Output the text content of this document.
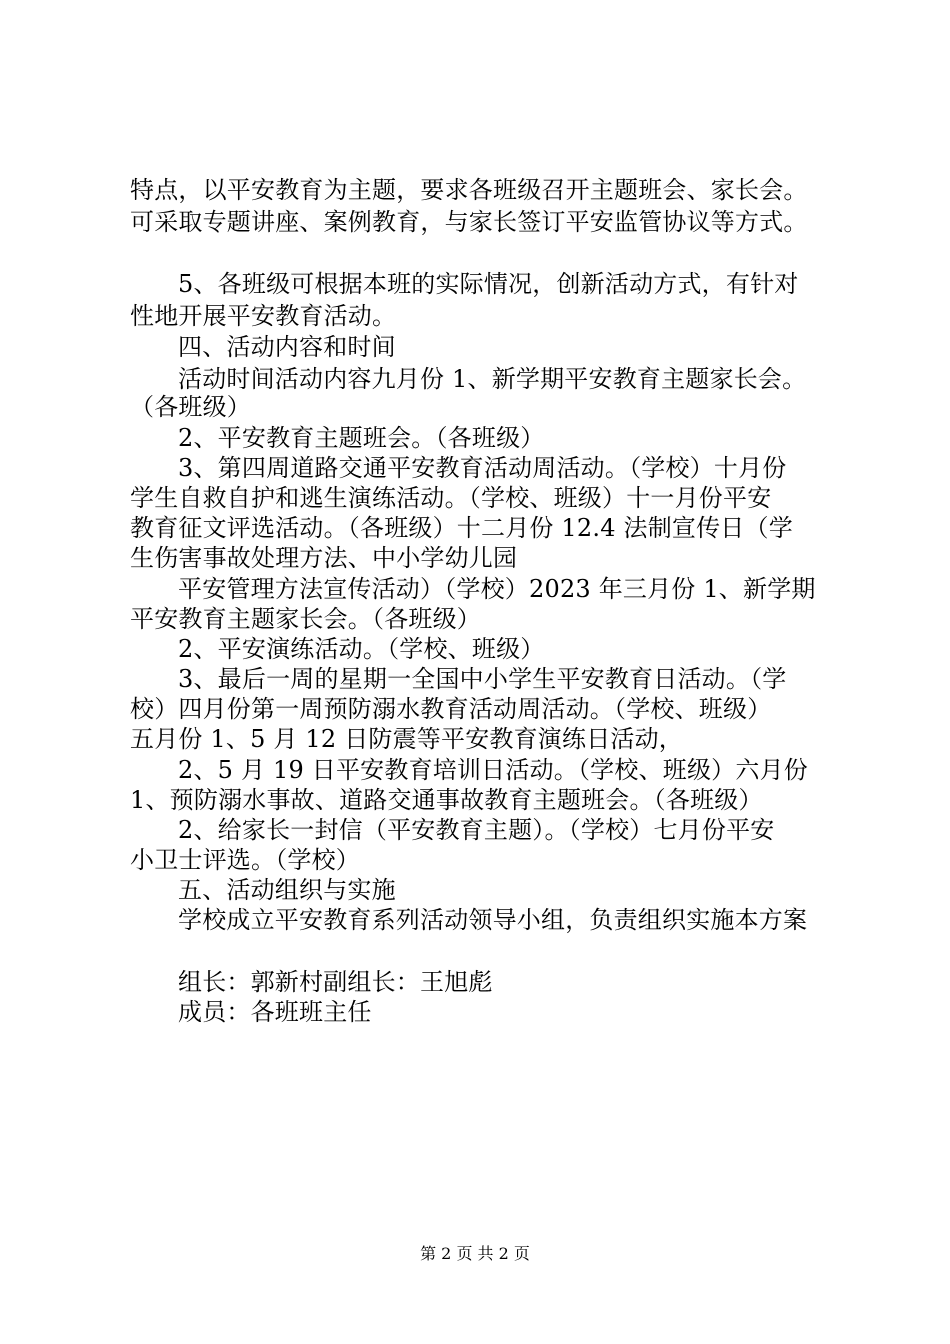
特点，以平安教育为主题，要求各班级召开主题班会、家长会。
可采取专题讲座、案例教育，与家长签订平安监管协议等方式。
5、各班级可根据本班的实际情况，创新活动方式，有针对
性地开展平安教育活动。
四、活动内容和时间
活动时间活动内容九月份 1、新学期平安教育主题家长会。
（各班级）
2、平安教育主题班会。（各班级）
3、第四周道路交通平安教育活动周活动。（学校）十月份
学生自救自护和逃生演练活动。（学校、班级）十一月份平安
教育征文评选活动。（各班级）十二月份 12.4 法制宣传日（学
生伤害事故处理方法、中小学幼儿园
平安管理方法宣传活动）（学校）2023 年三月份 1、新学期
平安教育主题家长会。（各班级）
2、平安演练活动。（学校、班级）
3、最后一周的星期一全国中小学生平安教育日活动。（学
校）四月份第一周预防溺水教育活动周活动。（学校、班级）
五月份 1、5 月 12 日防震等平安教育演练日活动，
2、5 月 19 日平安教育培训日活动。（学校、班级）六月份
1、预防溺水事故、道路交通事故教育主题班会。（各班级）
2、给家长一封信（平安教育主题）。（学校）七月份平安
小卫士评选。（学校）
五、活动组织与实施
学校成立平安教育系列活动领导小组，负责组织实施本方案
组长：郭新村副组长：王旭彪
成员：各班班主任
第 2 页 共 2 页
